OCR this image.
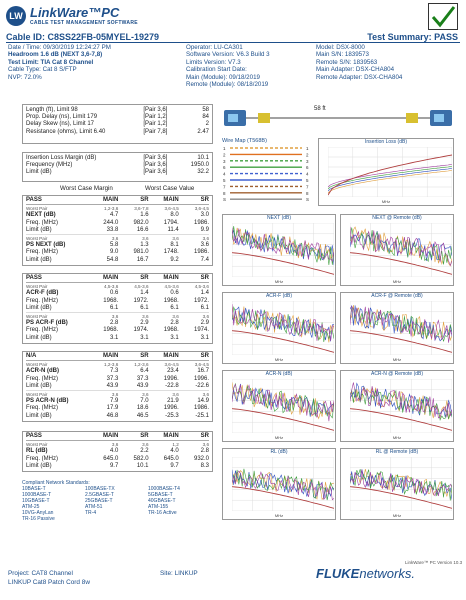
LW LinkWare™PC
CABLE TEST MANAGEMENT SOFTWARE
Cable ID: C8SS22FB-05MYEL-19279	Test Summary: PASS
Date / Time: 09/30/2019 12:24:27 PM
Headroom 1.6 dB (NEXT 3,6-7,8)
Test Limit: TIA Cat 8 Channel
Cable Type: Cat 8 S/FTP
NVP: 72.0%
Operator: LU-CA301
Software Version: V6.3 Build 3
Limits Version: V7.3
Calibration Start Date:
Main (Module): 09/18/2019
Remote (Module): 08/18/2019
Model: DSX-8000
Main S/N: 1839573
Remote S/N: 1839563
Main Adapter: DSX-CHA804
Remote Adapter: DSX-CHA804
Length (ft), Limit 98	[Pair 3,6]	58
Prop. Delay (ns), Limit 179	[Pair 1,2]	84
Delay Skew (ns), Limit 17	[Pair 1,2]	2
Resistance (ohms), Limit 6.40	[Pair 7,8]	2.47
Insertion Loss Margin (dB)	[Pair 3,6]	10.1
Frequency (MHz)	[Pair 3,6]	1950.0
Limit (dB)	[Pair 3,6]	32.2
Worst Case Margin	Worst Case Value
PASS	MAIN	SR	MAIN	SR
Worst Pair	1,2-3,6	3,6-7,8	3,6-4,5	3,6-4,5
NEXT (dB)	4.7	1.6	8.0	3.0
Freq. (MHz)	244.0	982.0	1794.	1986.
Limit (dB)	33.8	16.6	11.4	9.9
Worst Pair	3,6	3,6	3,6	3,6
PS NEXT (dB)	5.8	1.3	8.1	3.6
Freq. (MHz)	9.0	981.0	1748.	1986.
Limit (dB)	54.8	16.7	9.2	7.4
PASS	MAIN	SR	MAIN	SR
Worst Pair	4,5-3,6	4,5-3,6	4,5-3,6	4,5-3,6
ACR-F (dB)	0.6	1.4	0.6	1.4
Freq. (MHz)	1968.	1972.	1968.	1972.
Limit (dB)	6.1	6.1	6.1	6.1
Worst Pair	3,6	3,6	3,6	3,6
PS ACR-F (dB)	2.8	2.9	2.8	2.9
Freq. (MHz)	1968.	1974.	1968.	1974.
Limit (dB)	3.1	3.1	3.1	3.1
N/A	MAIN	SR	MAIN	SR
Worst Pair	1,2-3,6	1,2-3,6	3,6-4,5	3,6-4,5
ACR-N (dB)	7.3	6.4	23.4	16.7
Freq. (MHz)	37.3	37.3	1996.	1996.
Limit (dB)	43.9	43.9	-22.8	-22.6
Worst Pair	3,6	3,6	3,6	3,6
PS ACR-N (dB)	7.9	7.0	21.9	14.9
Freq. (MHz)	17.9	18.6	1996.	1986.
Limit (dB)	46.8	46.5	-25.3	-25.1
PASS	MAIN	SR	MAIN	SR
Worst Pair	3,6	3,6	1,2	3,6
RL (dB)	4.0	2.2	4.0	2.8
Freq. (MHz)	645.0	582.0	645.0	932.0
Limit (dB)	9.7	10.1	9.7	8.3
Compliant Network Standards:
10BASE-T
1000BASE-T
10GBASE-T
ATM-25
10VG-AnyLan
TR-16 Passive
100BASE-TX
2.5GBASE-T
25GBASE-T
ATM-51
TR-4
1000BASE-T4
5GBASE-T
40GBASE-T
ATM-155
TR-16 Active
58 ft
Wire Map (T568B)
1	1
2	2
3	3
6	6
4	4
5	5
7	7
8	8
S	S
Insertion Loss (dB)
MHz
NEXT (dB)
MHz
NEXT @ Remote (dB)
MHz
ACR-F (dB)
MHz
ACR-F @ Remote (dB)
MHz
ACR-N (dB)
MHz
ACR-N @ Remote (dB)
MHz
RL (dB)
MHz
RL @ Remote (dB)
MHz
LinkWare™ PC Version 10.3
Project: CAT8 Channel	Site: LINKUP
LINKUP Cat8 Patch Cord 8w
FLUKEnetworks.
